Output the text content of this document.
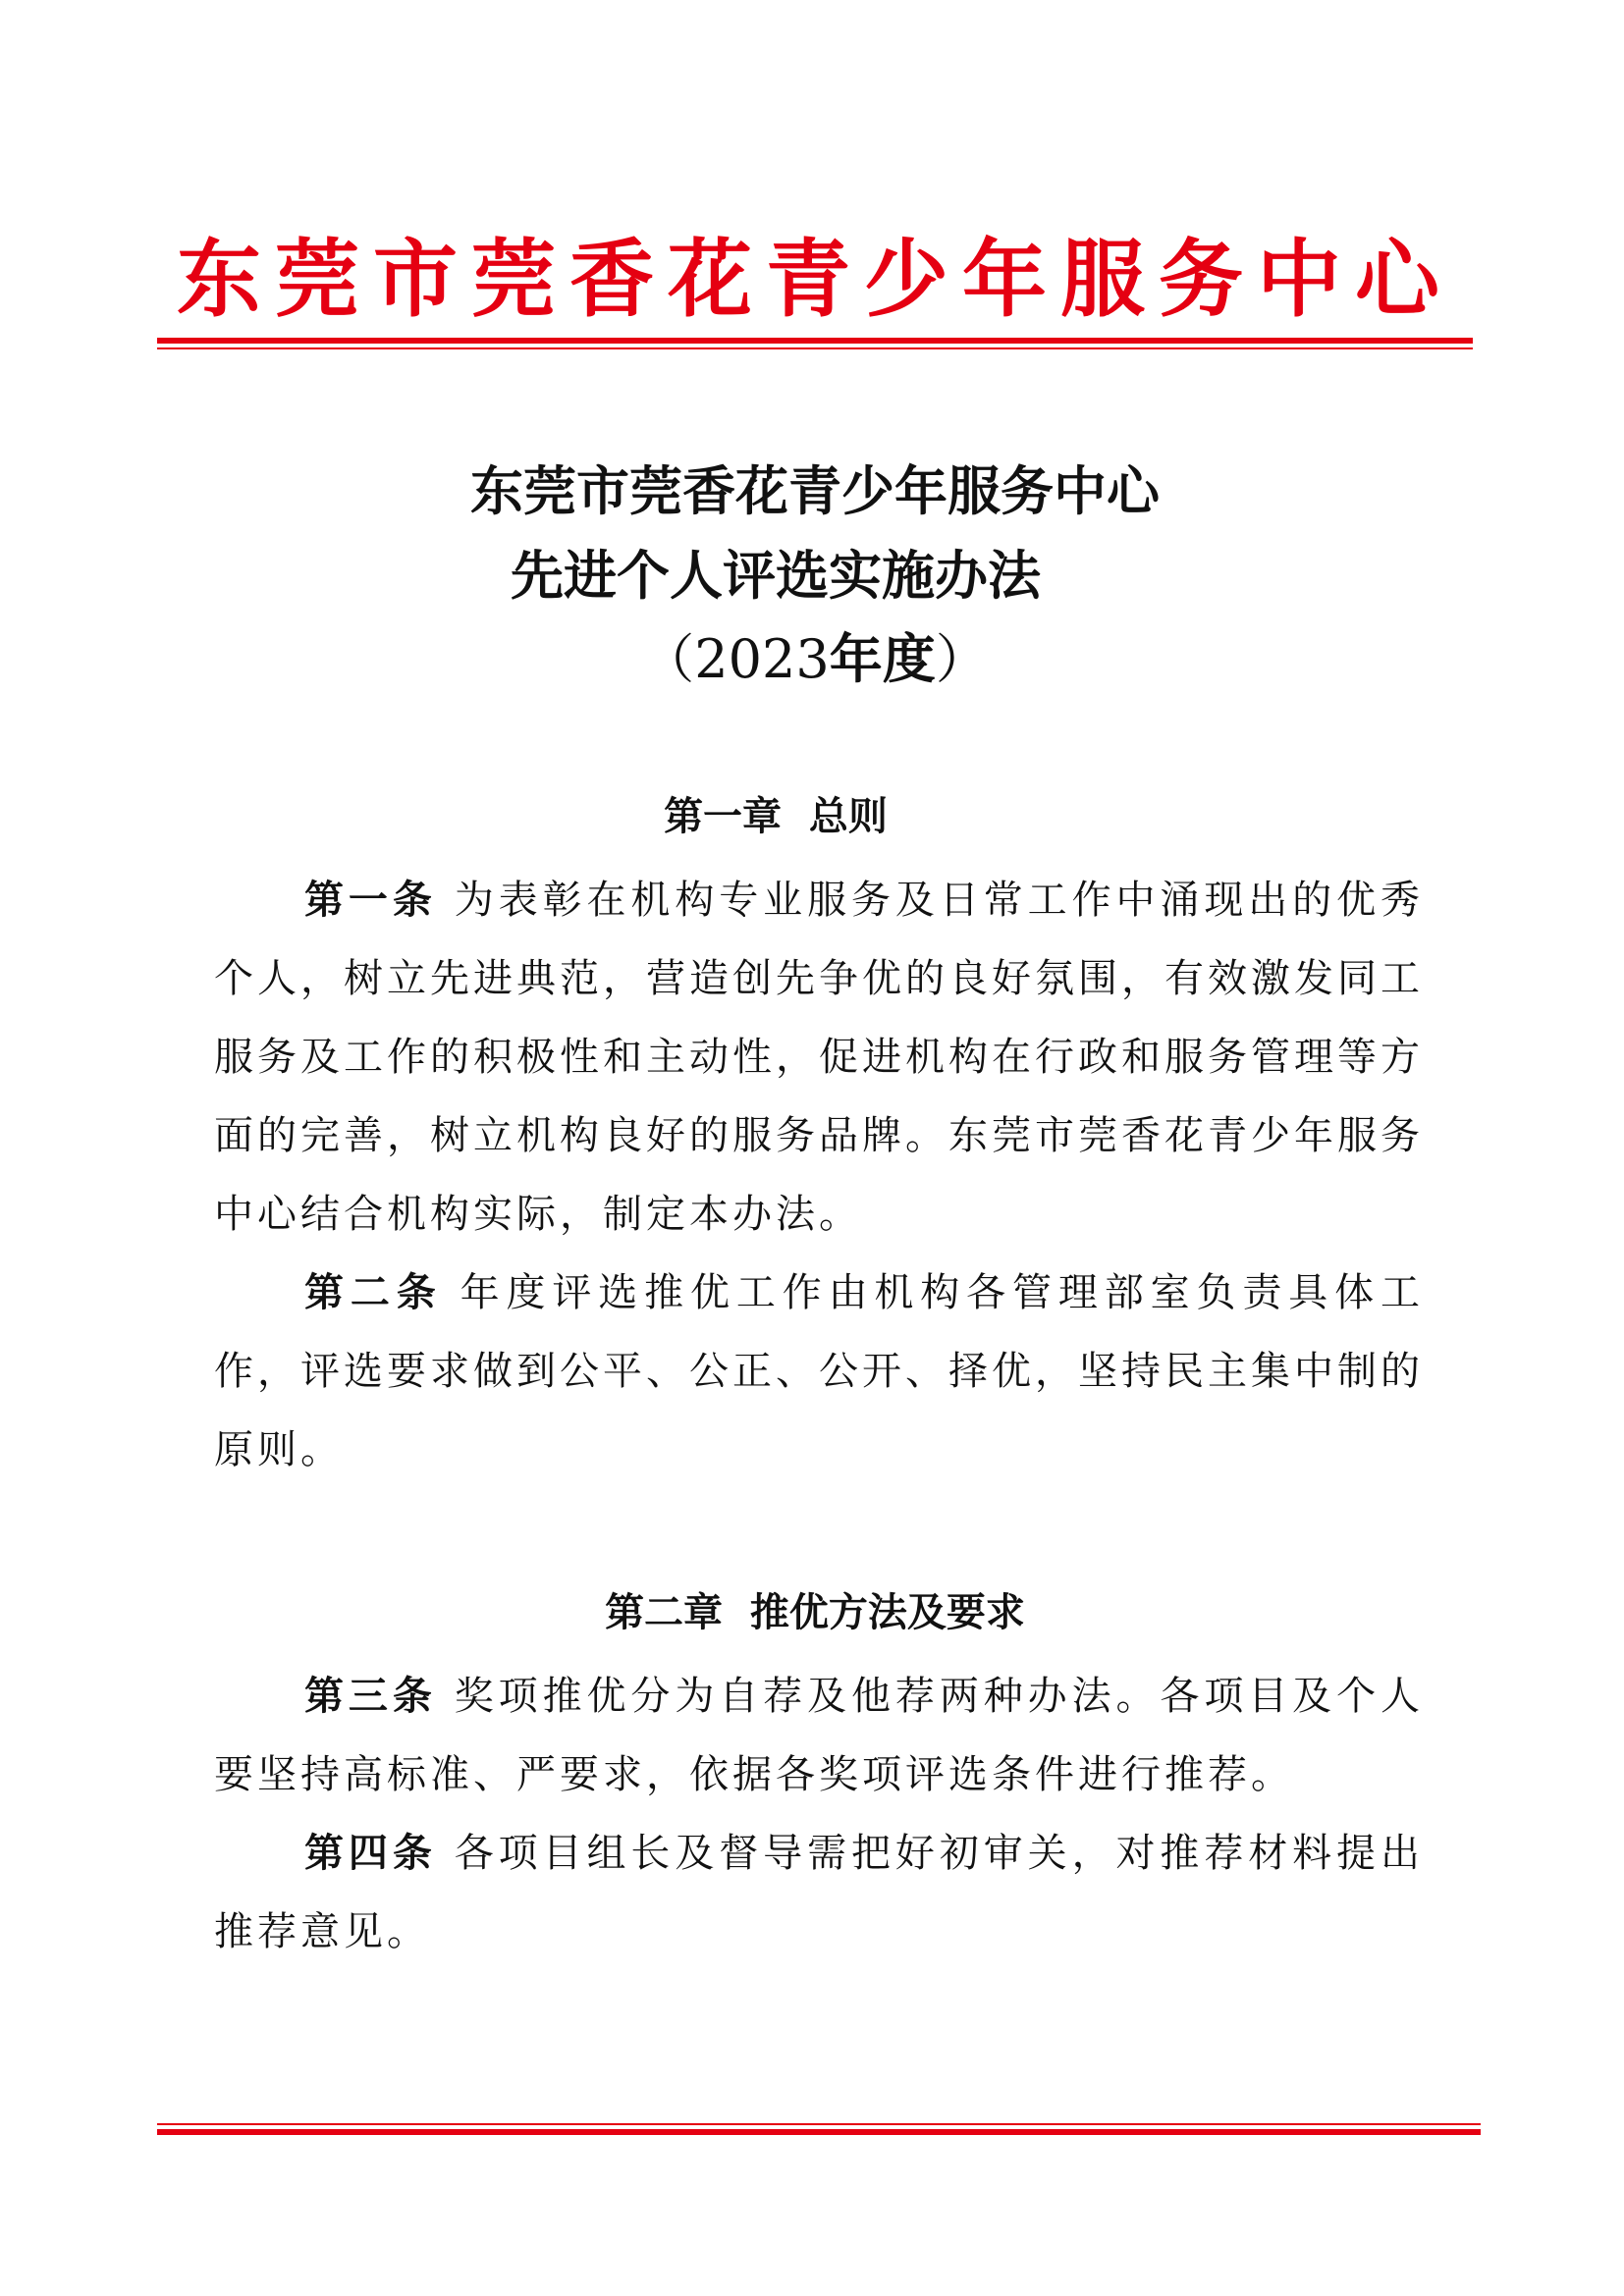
东莞市莞香花青少年服务中心
东莞市莞香花青少年服务中心
先进个人评选实施办法
（2023年度）
第一章  总则
第一条 为表彰在机构专业服务及日常工作中涌现出的优秀个人，树立先进典范，营造创先争优的良好氛围，有效激发同工服务及工作的积极性和主动性，促进机构在行政和服务管理等方面的完善，树立机构良好的服务品牌。东莞市莞香花青少年服务中心结合机构实际，制定本办法。
第二条 年度评选推优工作由机构各管理部室负责具体工作，评选要求做到公平、公正、公开、择优，坚持民主集中制的原则。
第二章  推优方法及要求
第三条 奖项推优分为自荐及他荐两种办法。各项目及个人要坚持高标准、严要求，依据各奖项评选条件进行推荐。
第四条 各项目组长及督导需把好初审关，对推荐材料提出推荐意见。
